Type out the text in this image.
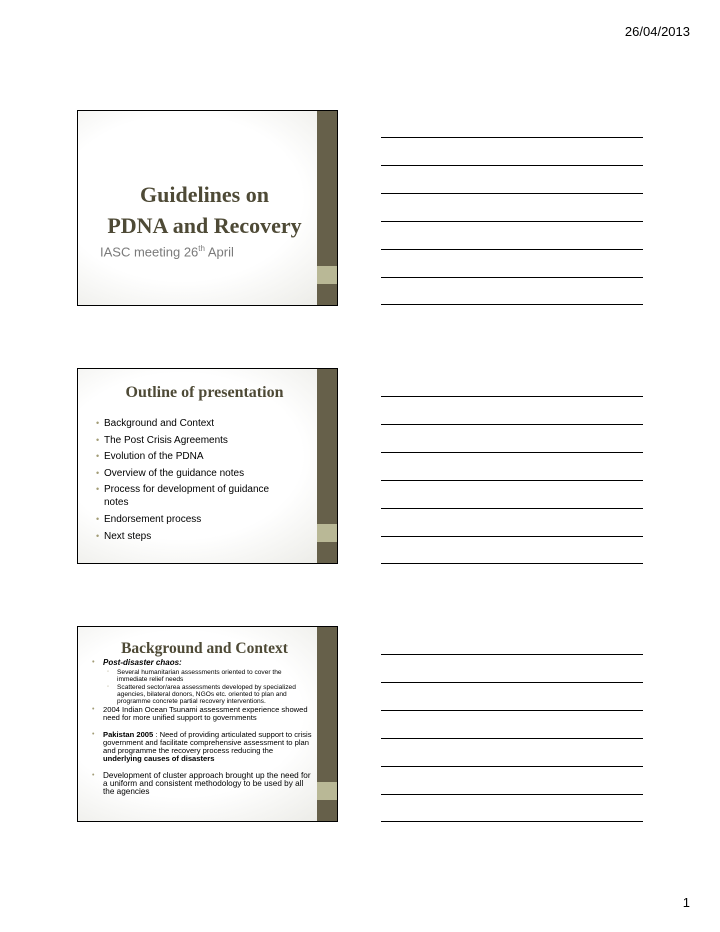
26/04/2013
Guidelines on
PDNA and Recovery
IASC meeting 26th April
Outline of presentation
• Background and Context
• The Post Crisis Agreements
• Evolution of the PDNA
• Overview of the guidance notes
• Process for development of guidance notes
• Endorsement process
• Next steps
Background and Context

• Post-disaster chaos:

◦ Several humanitarian assessments oriented to cover the immediate relief needs

◦ Scattered sector/area assessments developed by specialized agencies, bilateral donors, NGOs etc. oriented to plan and programme concrete partial recovery interventions.

• 2004 Indian Ocean Tsunami assessment experience showed need for more unified support to governments

• Pakistan 2005 : Need of providing articulated support to crisis government and facilitate comprehensive assessment to plan and programme the recovery process reducing the underlying causes of disasters

• Development of cluster approach brought up the need for a uniform and consistent methodology to be used by all the agencies

1
